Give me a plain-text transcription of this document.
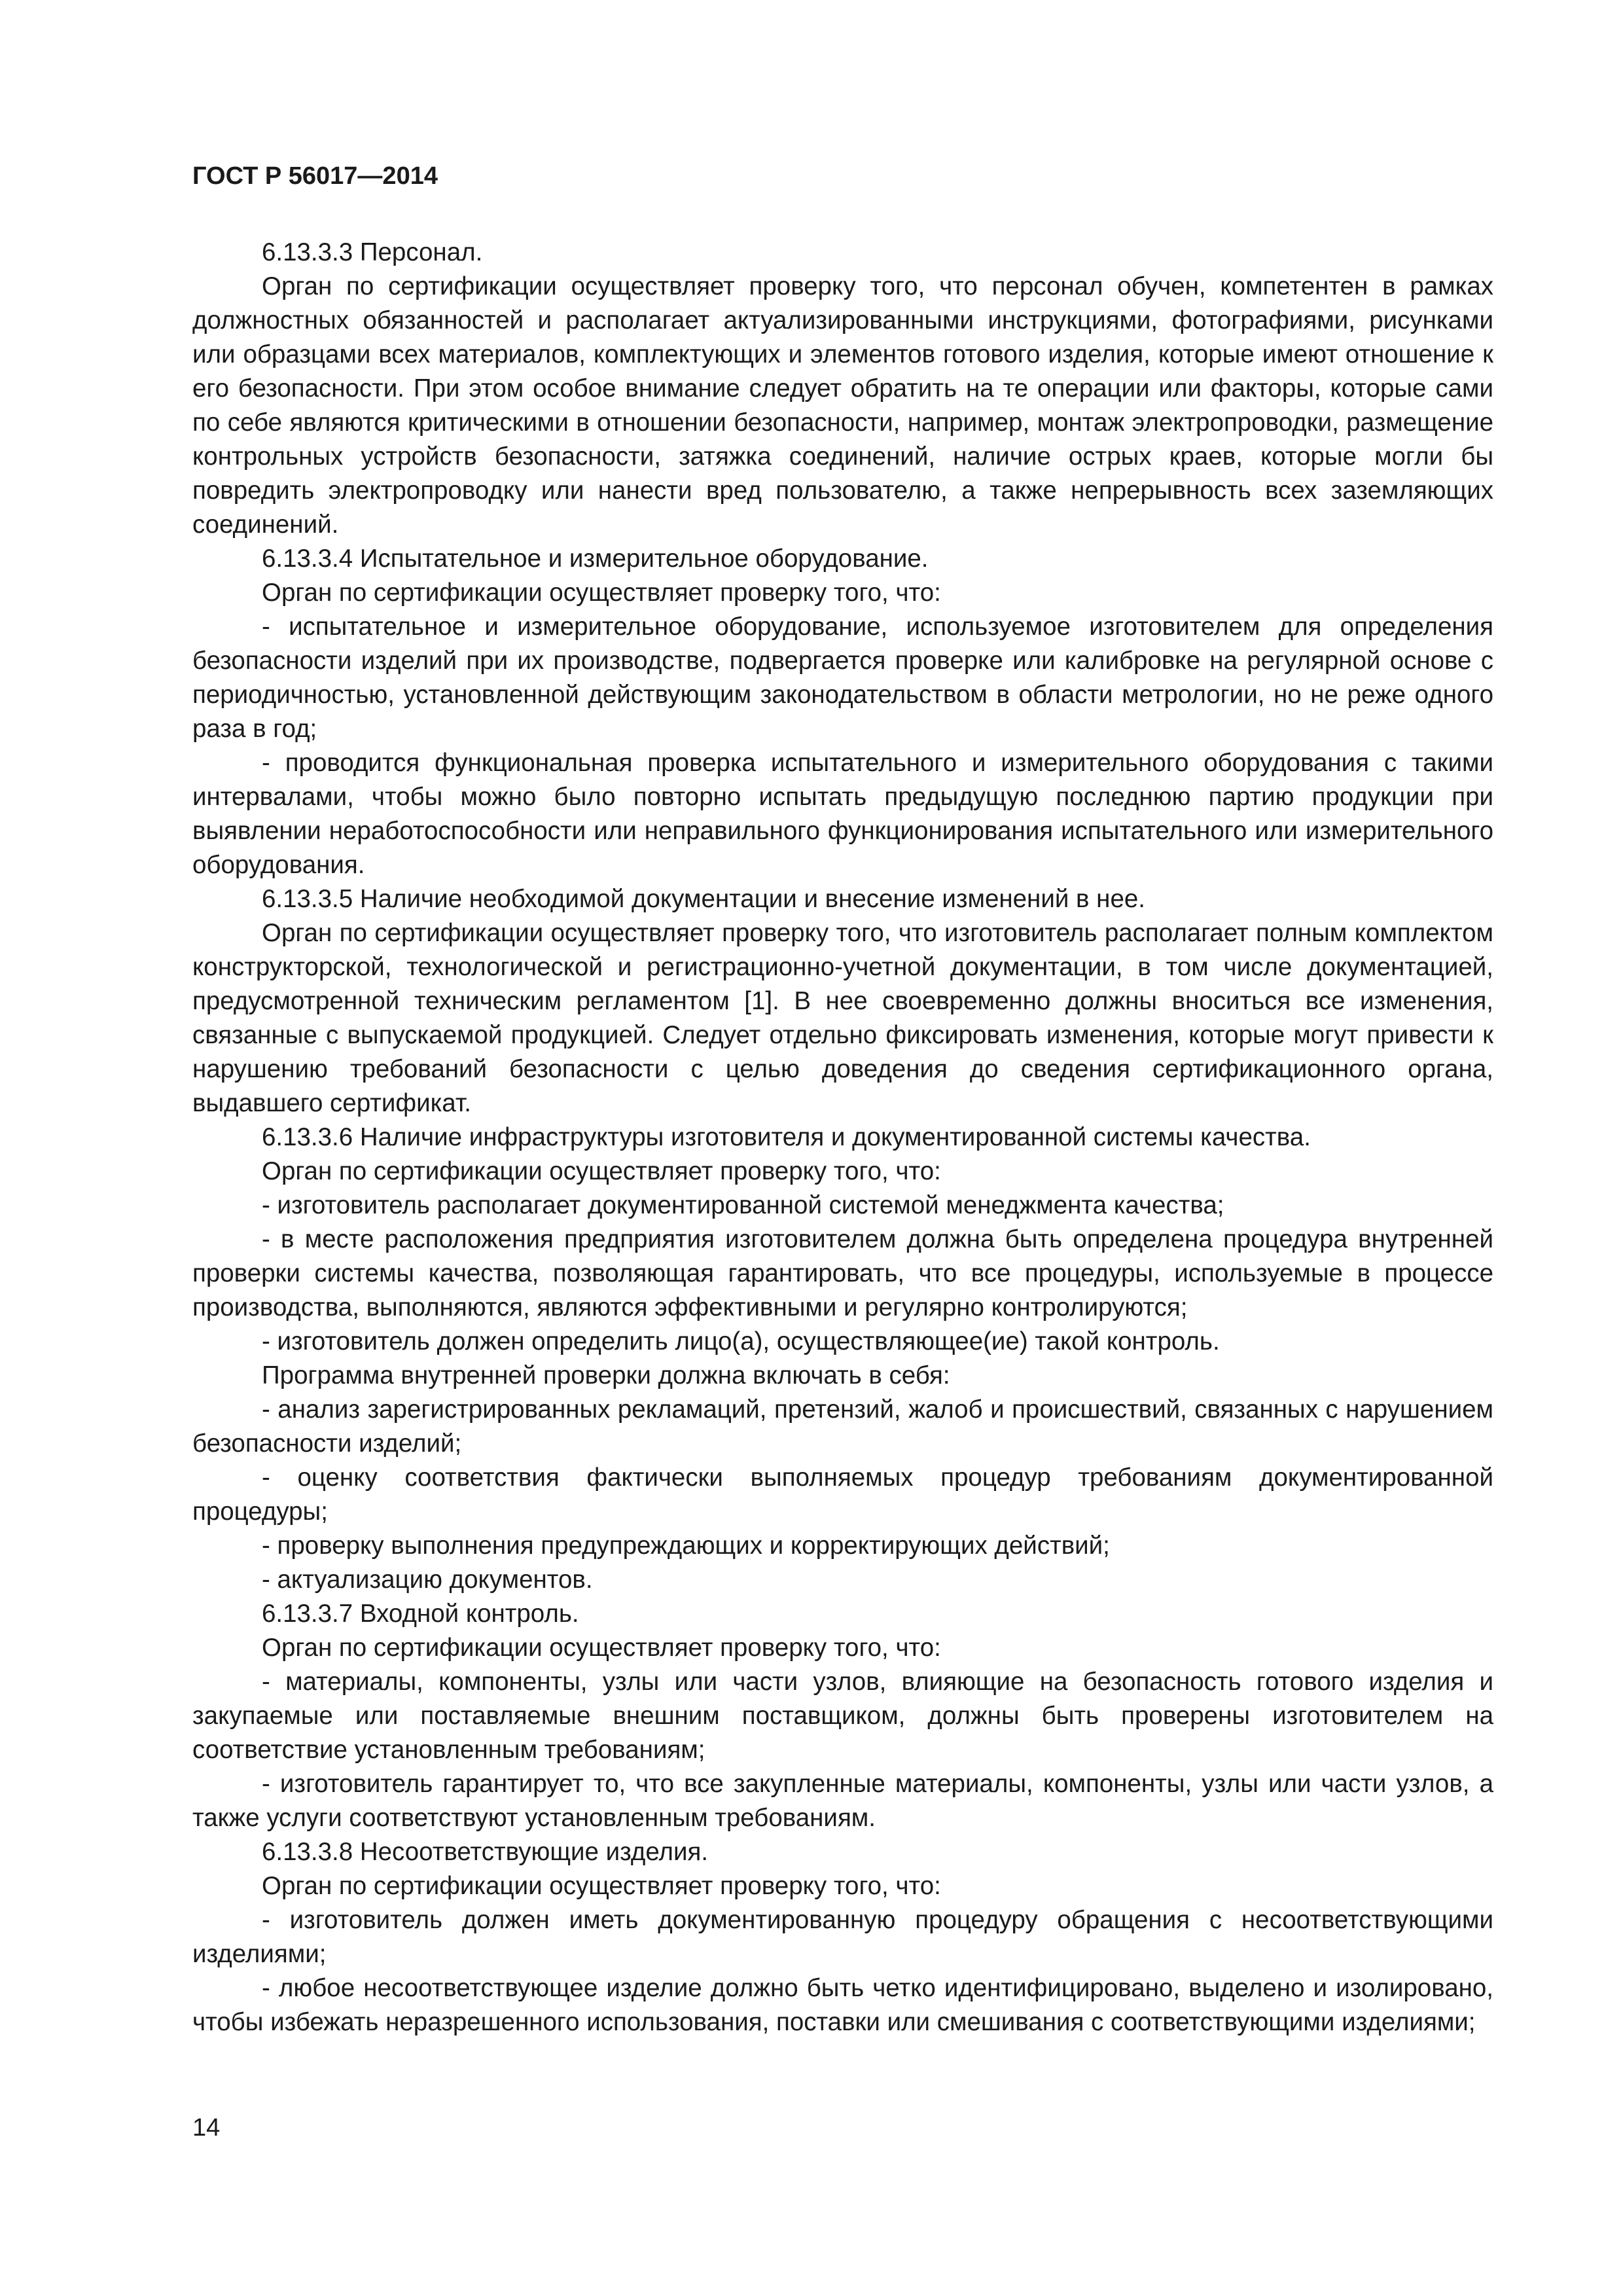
ГОСТ Р 56017—2014

6.13.3.3 Персонал.

Орган по сертификации осуществляет проверку того, что персонал обучен, компетентен в рамках должностных обязанностей и располагает актуализированными инструкциями, фотографиями, рисунками или образцами всех материалов, комплектующих и элементов готового изделия, которые имеют отношение к его безопасности. При этом особое внимание следует обратить на те операции или факторы, которые сами по себе являются критическими в отношении безопасности, например, монтаж электропроводки, размещение контрольных устройств безопасности, затяжка соединений, наличие острых краев, которые могли бы повредить электропроводку или нанести вред пользователю, а также непрерывность всех заземляющих соединений.

6.13.3.4 Испытательное и измерительное оборудование.

Орган по сертификации осуществляет проверку того, что:

- испытательное и измерительное оборудование, используемое изготовителем для определения безопасности изделий при их производстве, подвергается проверке или калибровке на регулярной основе с периодичностью, установленной действующим законодательством в области метрологии, но не реже одного раза в год;

- проводится функциональная проверка испытательного и измерительного оборудования с такими интервалами, чтобы можно было повторно испытать предыдущую последнюю партию продукции при выявлении неработоспособности или неправильного функционирования испытательного или измерительного оборудования.

6.13.3.5 Наличие необходимой документации и внесение изменений в нее.

Орган по сертификации осуществляет проверку того, что изготовитель располагает полным комплектом конструкторской, технологической и регистрационно-учетной документации, в том числе документацией, предусмотренной техническим регламентом [1]. В нее своевременно должны вноситься все изменения, связанные с выпускаемой продукцией. Следует отдельно фиксировать изменения, которые могут привести к нарушению требований безопасности с целью доведения до сведения сертификационного органа, выдавшего сертификат.

6.13.3.6 Наличие инфраструктуры изготовителя и документированной системы качества.

Орган по сертификации осуществляет проверку того, что:

- изготовитель располагает документированной системой менеджмента качества;

- в месте расположения предприятия изготовителем должна быть определена процедура внутренней проверки системы качества, позволяющая гарантировать, что все процедуры, используемые в процессе производства, выполняются, являются эффективными и регулярно контролируются;

- изготовитель должен определить лицо(а), осуществляющее(ие) такой контроль.

Программа внутренней проверки должна включать в себя:

- анализ зарегистрированных рекламаций, претензий, жалоб и происшествий, связанных с нарушением безопасности изделий;

- оценку соответствия фактически выполняемых процедур требованиям документированной процедуры;

- проверку выполнения предупреждающих и корректирующих действий;

- актуализацию документов.

6.13.3.7 Входной контроль.

Орган по сертификации осуществляет проверку того, что:

- материалы, компоненты, узлы или части узлов, влияющие на безопасность готового изделия и закупаемые или поставляемые внешним поставщиком, должны быть проверены изготовителем на соответствие установленным требованиям;

- изготовитель гарантирует то, что все закупленные материалы, компоненты, узлы или части узлов, а также услуги соответствуют установленным требованиям.

6.13.3.8 Несоответствующие изделия.

Орган по сертификации осуществляет проверку того, что:

- изготовитель должен иметь документированную процедуру обращения с несоответствующими изделиями;

- любое несоответствующее изделие должно быть четко идентифицировано, выделено и изолировано, чтобы избежать неразрешенного использования, поставки или смешивания с соответствующими изделиями;

14
